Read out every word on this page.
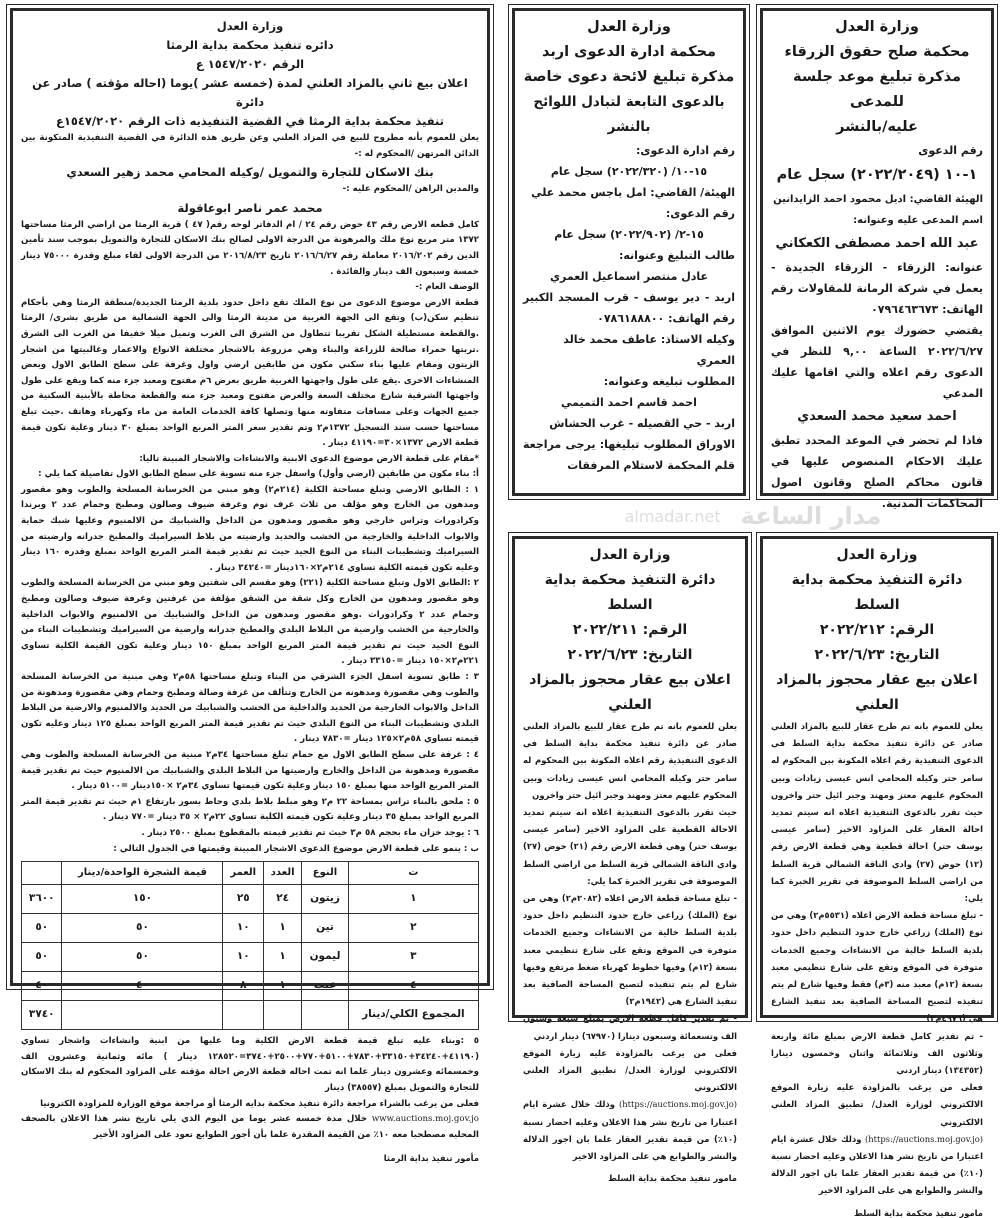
وزارة العدل

دائره تنفيذ محكمة بداية الرمثا

الرقم ١٥٤٧/٢٠٢٠ ع

اعلان بيع ثاني بالمزاد العلني لمدة (خمسه عشر )يوما (احاله مؤقته ) صادر عن دائرة

تنفيذ محكمة بداية الرمثا في القضية التنفيذيه ذات الرقم ١٥٤٧/٢٠٢٠ع

يعلن للعموم بأنه مطروح للبيع في المزاد العلني وعن طريق هذه الدائرة في القضية التنفيذية المتكونة بين الدائن المرتهن /المحكوم له :-

بنك الاسكان للتجارة والتمويل /وكيله المحامي محمد زهير السعدي

والمدين الراهن /المحكوم عليه :-

محمد عمر ناصر ابوعاقولة

كامل قطعه الارض رقم ٤٣ حوض رقم ٢٤ / ام الدفاتر لوحه رقم( ٤٧ ) قرية الرمثا من اراضي الرمثا مساحتها ١٣٧٢ متر مربع نوع ملك والمرهونة من الدرجة الاولى لصالح بنك الاسكان للتجارة والتمويل بموجب سند تأمين الدين رقم ٢٠١٦/٢٠٢ معاملة رقم ٢٠١٦/٦/٢٧ تاريخ ٢٠١٦/٨/٢٣ من الدرجة الاولى لقاء مبلغ وقدرة ٧٥٠٠٠ دينار خمسة وسبعون الف دينار والفائدة .

الوصف العام :-

قطعة الارض موضوع الدعوى من نوع الملك تقع داخل حدود بلدية الرمثا الجديدة/منطقة الرمثا وهي بأحكام تنظيم سكن(ب) وتقع الى الجهة الغربية من مدينة الرمثا والى الجهة الشمالية من طريق بشرى/ الرمثا .والقطعة مستطيلة الشكل تقريبا تتطاول من الشرق الى الغرب وتميل ميلا خفيفا من الغرب الى الشرق .تربتها حمراء صالحة للزراعة والبناء وهي مزروعة بالاشجار مختلفة الانواع والاعمار وغالبيتها من اشجار الزيتون ومقام عليها بناء سكني مكون من طابقين ارضي واول وغرفة على سطح الطابق الاول وبعض المنشاءات الاخرى .يقع على طول واجهتها الغربية طريق بعرض ٦م مفتوح ومعبد جزء منه كما ويقع على طول واجهتها الشرقية شارع مختلف السعة والعرض مفتوح ومعبد جزء منه والقطعة محاطة بالأبنية السكنية من جميع الجهات وعلى مسافات متفاوته منها وتصلها كافة الخدمات العامة من ماء وكهرباء وهاتف .حيث تبلغ مساحتها حسب سند التسجيل ١٣٧٢م٢ وتم تقدير سعر المتر المربع الواحد بمبلغ ٣٠ دينار وعلية تكون قيمة قطعة الارض ١٣٧٢×٣٠=٤١١٩٠ دينار .

*مقام على قطعة الارض موضوع الدعوى الابنية والانشاءات والاشجار المبينة تاليا:

أ: بناء مكون من طابقين (ارضي وأول) واسفل جزء منه تسوية على سطح الطابق الاول تفاصيلة كما يلي :

١ : الطابق الارضي وتبلغ مساحتة الكلية (٢١٤م٢) وهو مبني من الخرسانة المسلحة والطوب وهو مقصور ومدهون من الخارج وهو مؤلف من ثلاث غرف نوم وغرفة ضيوف وصالون ومطبخ وحمام عدد ٢ وبرندا وكرادورات وتراس خارجي وهو مقصور ومدهون من الداخل والشبابيك من الالمنيوم وعليها شبك حماية والابواب الداخلية والخارجية من الخشب والحديد وارضيته من بلاط السيراميك والمطبخ جدرانه وارضيته من السيراميك وتشطيبات البناء من النوع الجيد حيث تم تقدير قيمة المتر المربع الواحد بمبلغ وقدره ١٦٠ دينار وعليه تكون قيمته الكلية تساوي ٢١٤م٢×١٦٠دينار =٣٤٢٤٠ دينار .

٢ :الطابق الاول وتبلغ مساحتة الكلية (٢٢١) وهو مقسم الى شقتين وهو مبني من الخرسانة المسلحة والطوب وهو مقصور ومدهون من الخارج وكل شقة من الشقق مؤلفة من غرفتين وغرفة ضيوف وصالون ومطبخ وحمام عدد ٢ وكرادورات .وهو مقصور ومدهون من الداخل والشبابيك من الالمنيوم والابواب الداخلية والخارجية من الخشب وارضية من البلاط البلدي والمطبخ جدرانه وارضية من السيراميك وتشطيبات البناء من النوع الجيد حيث تم تقدير قيمة المتر المربع الواحد بمبلغ ١٥٠ دينار وعلية تكون القيمة الكلية تساوي ٢٢١م٢×١٥٠ دينار =٣٣١٥٠ دينار .

٣ : طابق تسوية اسفل الجزء الشرقي من البناء وتبلغ مساحتها ٥٨م٢ وهي مبنية من الخرسانة المسلحة والطوب وهي مقصورة ومدهونه من الخارج وتتألف من غرفة وصالة ومطبخ وحمام وهي مقصورة ومدهونة من الداخل والابواب الخارجية من الحديد والداخلية من الخشب والشبابيك من الحديد والالمنيوم والارضية من البلاط البلدي وتشطيبات البناء من النوع البلدي حيث تم تقدير قيمة المتر المربع الواحد بمبلغ ١٢٥ دينار وعليه تكون قيمته تساوي ٥٨م٢×١٢٥ دينار =٧٨٣٠ دينار .

٤ : غرفة على سطح الطابق الاول مع حمام تبلغ مساحتها ٣٤م٢ مبنية من الخرسانة المسلحة والطوب وهي مقصورة ومدهونة من الداخل والخارج وارضيتها من البلاط البلدي والشبابيك من الالمنيوم حيث تم تقدير قيمة المتر المربع الواحد منها بمبلغ ١٥٠ دينار وعلية تكون قيمتها تساوي ٣٤م٢ ×١٥٠دينار =٥١٠٠ دينار .

٥ : ملحق بالبناء تراس بمساحة ٢٢ م٢ وهو مبلط بلاط بلدي وحاط بسور بارتفاع ١م حيث تم تقدير قيمة المتر المربع الواحد بمبلغ ٣٥ دينار وعلية تكون قيمته الكلية تساوي ٢٢م٢ × ٣٥ دينار =٧٧٠ دينار .

٦ : يوجد خزان ماء بحجم ٥٨ م٣ حيث تم تقدير قيمته بالمقطوع بمبلغ ٢٥٠٠ دينار .

ب : ينمو على قطعة الارض موضوع الدعوى الاشجار المبينة وقيمتها في الجدول التالي :

ت	النوع	العدد	العمر	قيمة الشجرة الواحدة/دينار	
١	زيتون	٢٤	٢٥	١٥٠	٣٦٠٠
٢	تين	١	١٠	٥٠	٥٠
٣	ليمون	١	١٠	٥٠	٥٠
٤	عنب	١	٨	٤٠	٤٠
المجموع الكلي/دينار					٣٧٤٠

٥ :وبناء عليه تبلغ قيمة قطعة الارض الكلية وما عليها من ابنية وانشاءات واشجار تساوي (٤١١٩٠+٣٤٢٤٠+٣٣١٥٠+٧٨٣٠+٥١٠٠+٧٧٠+٢٥٠٠+٣٧٤٠=١٢٨٥٢٠ دينار ) مائه وثمانية وعشرون الف وخمسمائه وعشرون دينار علما انه تمت احاله قطعة الارض احالة مؤقته على المزاود المحكوم له بنك الاسكان للتجارة والتمويل بمبلغ (٣٨٥٥٧) دينار

فعلى من يرغب بالشراء مراجعة دائرة تنفيذ محكمة بدايه الرمثا أو مراجعة موقع الوزارة للمزاودة الكترونيا

www.auctions.moj.gov.jo خلال مدة خمسه عشر يوما من اليوم الذي يلي تاريخ نشر هذا الاعلان بالصحف المحليه مصطحبا معه ١٠٪ من القيمة المقدرة علما بأن أجور الطوابع تعود على المزاود الأخير

مأمور تنفيذ بداية الرمثا

وزارة العدل

محكمة ادارة الدعوى اربد

مذكرة تبليغ لائحة دعوى خاصة

بالدعوى التابعة لتبادل اللوائح بالنشر

رقم ادارة الدعوى:

١٥-١٠/ (٢٠٢٢/٣٢٠) سجل عام

الهيئة/ القاضي: امل باجس محمد علي

رقم الدعوى:

١٥-٢/ (٢٠٢٢/٩٠٢) سجل عام

طالب التبليغ وعنوانه:

عادل منتصر اسماعيل العمري

اربد - دير يوسف - قرب المسجد الكبير رقم الهاتف: ٠٧٨٦١٨٨٨٠٠

وكيله الاستاذ: عاطف محمد خالد العمري

المطلوب تبليغه وعنوانه:

احمد قاسم احمد التميمي

اربد - حي القصيله - غرب الحشاش

الاوراق المطلوب تبليغها: يرجى مراجعة قلم المحكمة لاستلام المرفقات

وزارة العدل

محكمة صلح حقوق الزرقاء

مذكرة تبليغ موعد جلسة للمدعى

عليه/بالنشر

رقم الدعوى

١-١٠ (٢٠٢٢/٢٠٤٩) سجل عام

الهيئة القاضي: اديل محمود احمد الزايدانين

اسم المدعى عليه وعنوانه:

عبد الله احمد مصطفى الكعكاني

عنوانه: الزرقاء - الزرقاء الجديدة - يعمل في شركة الرمانة للمقاولات رقم الهاتف: ٠٧٩٦٤٦٣٦٧٣

يقتضي حضورك يوم الاثنين الموافق ٢٠٢٢/٦/٢٧ الساعة ٩,٠٠ للنظر في الدعوى رقم اعلاه والتي اقامها عليك المدعي

احمد سعيد محمد السعدي

فاذا لم تحضر في الموعد المحدد تطبق عليك الاحكام المنصوص عليها في قانون محاكم الصلح وقانون اصول المحاكمات المدنية.

وزارة العدل

دائرة التنفيذ محكمة بداية السلط

الرقم: ٢٠٢٢/٢١١

التاريخ: ٢٠٢٢/٦/٢٣

اعلان بيع عقار محجوز بالمزاد العلني

يعلن للعموم بانه تم طرح عقار للبيع بالمزاد العلني صادر عن دائرة تنفيذ محكمة بداية السلط في الدعوى التنفيذية رقم اعلاه المكونة بين المحكوم له سامر حتر وكيله المحامي انس عيسى زيادات وبين المحكوم عليهم معتز ومهند وجبر ائيل حتر واخرون

حيث تقرر بالدعوى التنفيذية اعلاه انه سيتم تمديد الاحالة القطعية على المزاود الاخير (سامر عيسى يوسف حتر) وهي قطعة الارض رقم (٢١) حوض (٢٧) وادي الناقة الشمالي قرية السلط من اراضي السلط الموصوفة في تقرير الخبرة كما يلي:

- تبلغ مساحة قطعة الارض اعلاه (٢٠٨٢م٢) وهي من نوع (الملك) زراعي خارج حدود التنظيم داخل حدود بلدية السلط خالية من الانشاءات وجميع الخدمات متوفرة في الموقع وتقع على شارع تنظيمي معبد بسعة (١٢م) وفيها خطوط كهرباء ضغط مرتفع وفيها شارع لم يتم تنفيذه لتصبح المساحة الصافية بعد تنفيذ الشارع هي (١٩٤٢م٢)

- تم تقدير كامل قطعة الارض بمبلغ سبعة وستون الف وتسعمائة وسبعون دينارا (٦٧٩٧٠) دينار اردني

فعلى من يرغب بالمزاودة عليه زيارة الموقع الالكتروني لوزارة العدل/ تطبيق المزاد العلني الالكتروني

(https://auctions.moj.gov.jo) وذلك خلال عشرة ايام اعتبارا من تاريخ نشر هذا الاعلان وعليه احضار نسبة (١٠٪) من قيمة تقدير العقار علما بان اجور الدلالة والنشر والطوابع هي على المزاود الاخير

مامور تنفيذ محكمة بداية السلط

وزارة العدل

دائرة التنفيذ محكمة بداية السلط

الرقم: ٢٠٢٢/٢١٢

التاريخ: ٢٠٢٢/٦/٢٣

اعلان بيع عقار محجوز بالمزاد العلني

يعلن للعموم بانه تم طرح عقار للبيع بالمزاد العلني صادر عن دائرة تنفيذ محكمة بداية السلط في الدعوى التنفيذية رقم اعلاه المكونة بين المحكوم له سامر حتر وكيله المحامي انس عيسى زيادات وبين المحكوم عليهم معتز ومهند وجبر ائيل حتر واخرون حيث تقرر بالدعوى التنفيذية اعلاه انه سيتم تمديد احالة العقار على المزاود الاخير (سامر عيسى يوسف حتر) احالة قطعية وهي قطعة الارض رقم (١٢) حوض (٢٧) وادي الناقة الشمالي قرية السلط من اراضي السلط الموصوفة في تقرير الخبرة كما يلي:

- تبلغ مساحة قطعة الارض اعلاه (٥٥٣١م٢) وهي من نوع (الملك) زراعي خارج حدود التنظيم داخل حدود بلدية السلط خالية من الانشاءات وجميع الخدمات متوفرة في الموقع وتقع على شارع تنظيمي معبد بسعة (١٢م) معبد منه (٣م) فقط وفيها شارع لم يتم تنفيذه لتصبح المساحة الصافية بعد تنفيذ الشارع هي (٤٩٧٦م٢)

- تم تقدير كامل قطعة الارض بمبلغ مائة واربعة وثلاثون الف وثلاثمائة واثنان وخمسون دينارا (١٣٤٣٥٢) دينار اردني

فعلى من يرغب بالمزاودة عليه زيارة الموقع الالكتروني لوزارة العدل/ تطبيق المزاد العلني الالكتروني

(https://auctions.moj.gov.jo) وذلك خلال عشرة ايام اعتبارا من تاريخ نشر هذا الاعلان وعليه احضار نسبة (١٠٪) من قيمة تقدير العقار علما بان اجور الدلالة والنشر والطوابع هي على المزاود الاخير

مامور تنفيذ محكمة بداية السلط

مدار الساعة
almadar.net
